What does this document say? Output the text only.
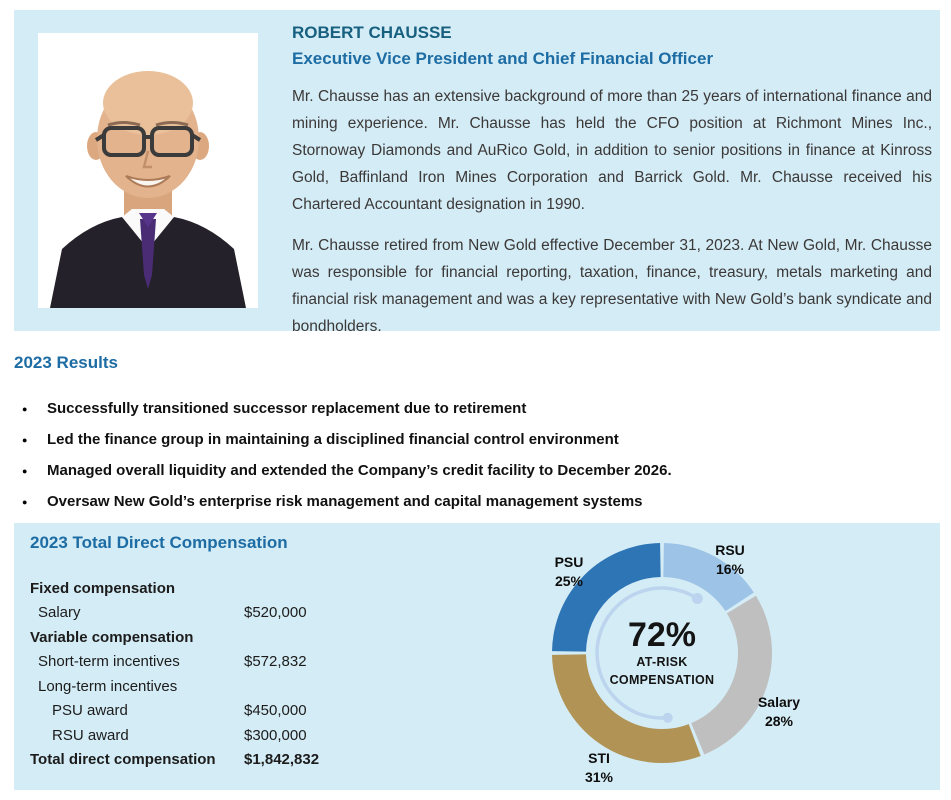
ROBERT CHAUSSE
Executive Vice President and Chief Financial Officer

Mr. Chausse has an extensive background of more than 25 years of international finance and mining experience. Mr. Chausse has held the CFO position at Richmont Mines Inc., Stornoway Diamonds and AuRico Gold, in addition to senior positions in finance at Kinross Gold, Baffinland Iron Mines Corporation and Barrick Gold. Mr. Chausse received his Chartered Accountant designation in 1990.

Mr. Chausse retired from New Gold effective December 31, 2023. At New Gold, Mr. Chausse was responsible for financial reporting, taxation, finance, treasury, metals marketing and financial risk management and was a key representative with New Gold’s bank syndicate and bondholders.

2023 Results
●	Successfully transitioned successor replacement due to retirement
●	Led the finance group in maintaining a disciplined financial control environment
●	Managed overall liquidity and extended the Company’s credit facility to December 2026.
●	Oversaw New Gold’s enterprise risk management and capital management systems
2023 Total Direct Compensation
Fixed compensation
Salary	$520,000
Variable compensation
Short-term incentives	$572,832
Long-term incentives
PSU award	$450,000
RSU award	$300,000
Total direct compensation	$1,842,832
72%
AT-RISK
COMPENSATION
PSU
25%
RSU
16%
Salary
28%
STI
31%
